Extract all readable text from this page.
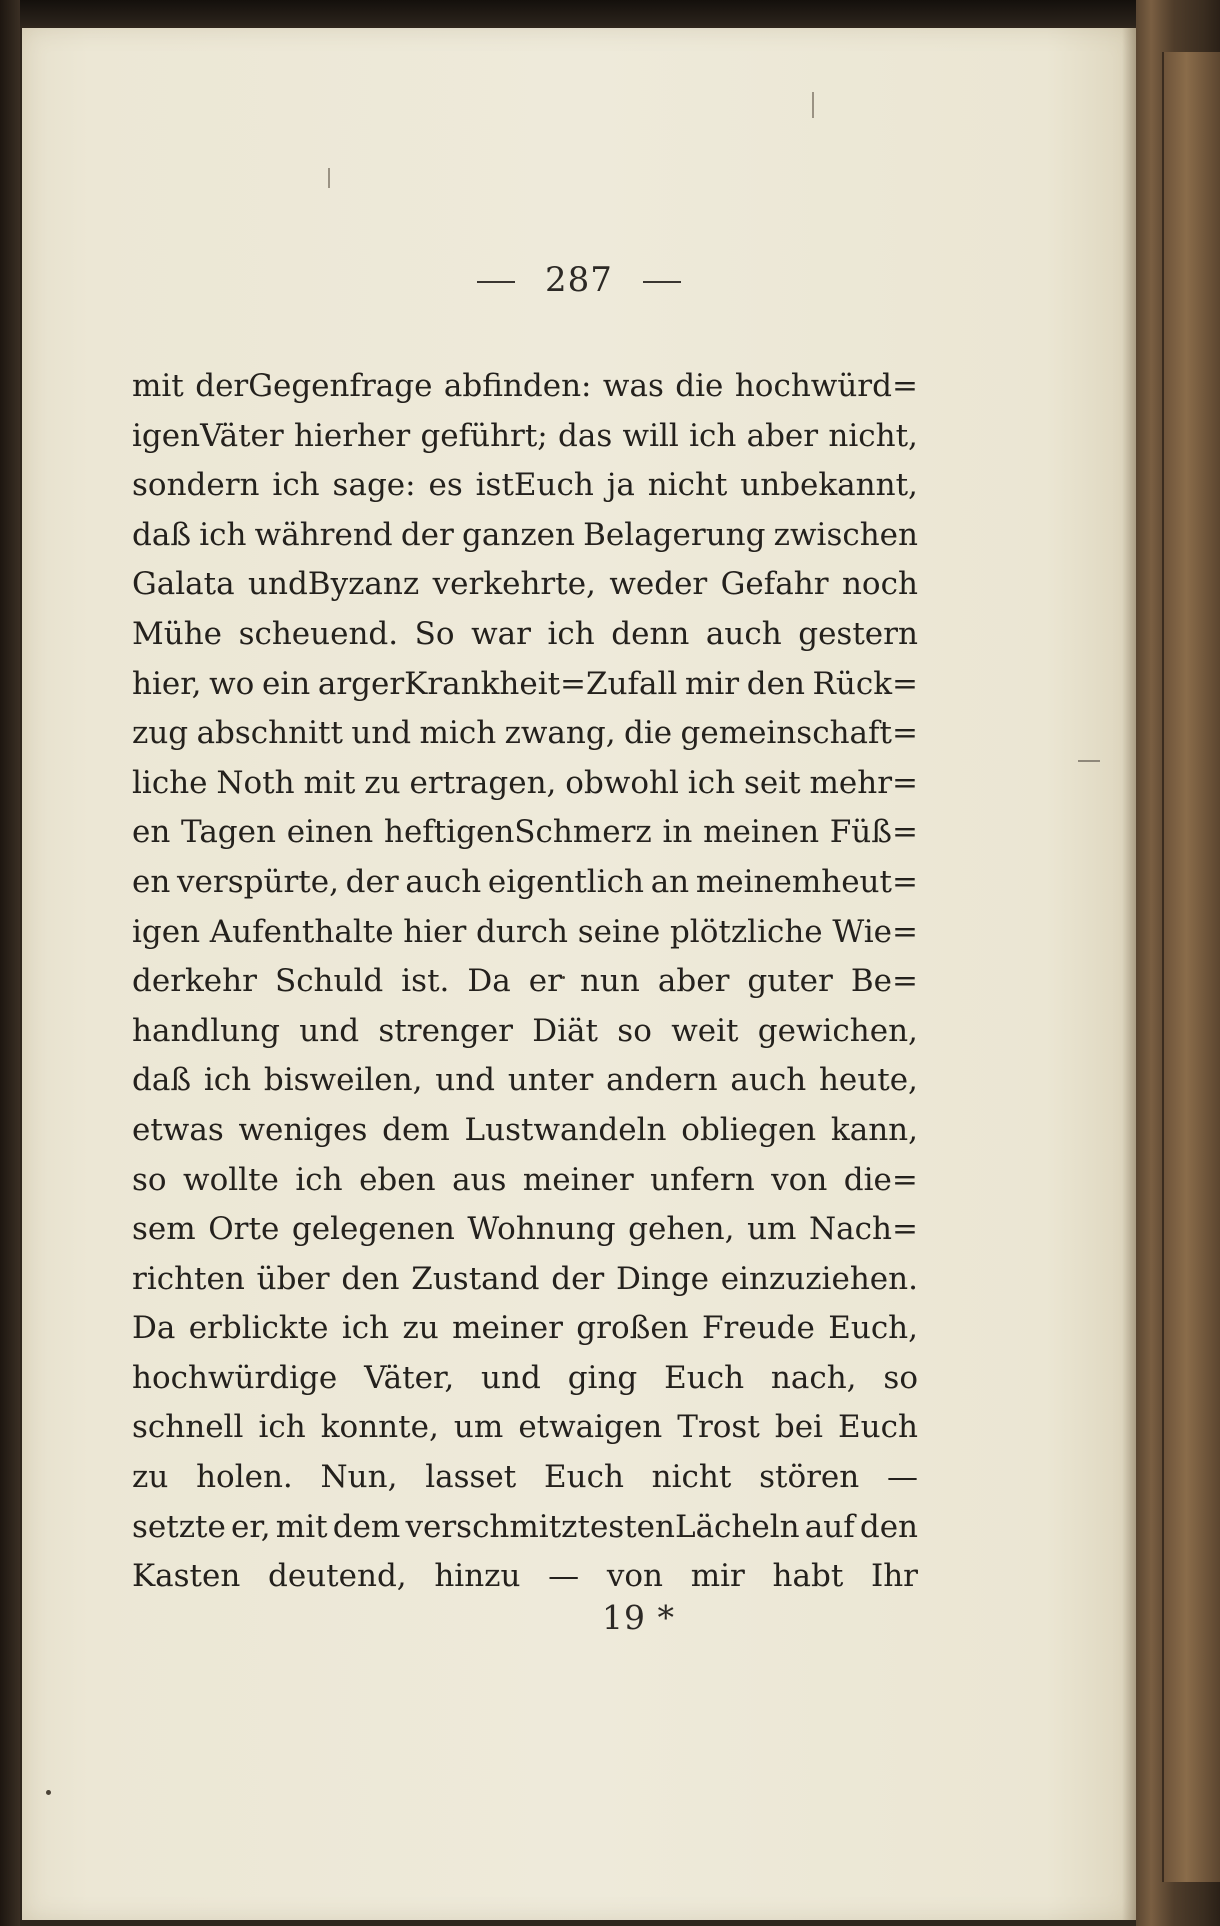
287
mit derGegenfrage abfinden: was die hochwürd=
igenVäter hierher geführt; das will ich aber nicht,
sondern ich sage: es istEuch ja nicht unbekannt,
daß ich während der ganzen Belagerung zwischen
Galata undByzanz verkehrte, weder Gefahr noch
Mühe scheuend. So war ich denn auch gestern
hier, wo ein argerKrankheit=Zufall mir den Rück=
zug abschnitt und mich zwang, die gemeinschaft=
liche Noth mit zu ertragen, obwohl ich seit mehr=
en Tagen einen heftigenSchmerz in meinen Füß=
en verspürte, der auch eigentlich an meinemheut=
igen Aufenthalte hier durch seine plötzliche Wie=
derkehr Schuld ist. Da er nun aber guter Be=
handlung und strenger Diät so weit gewichen,
daß ich bisweilen, und unter andern auch heute,
etwas weniges dem Lustwandeln obliegen kann,
so wollte ich eben aus meiner unfern von die=
sem Orte gelegenen Wohnung gehen, um Nach=
richten über den Zustand der Dinge einzuziehen.
Da erblickte ich zu meiner großen Freude Euch,
hochwürdige Väter, und ging Euch nach, so
schnell ich konnte, um etwaigen Trost bei Euch
zu holen. Nun, lasset Euch nicht stören —
setzte er, mit dem verschmitztestenLächeln auf den
Kasten deutend, hinzu — von mir habt Ihr
19 *
